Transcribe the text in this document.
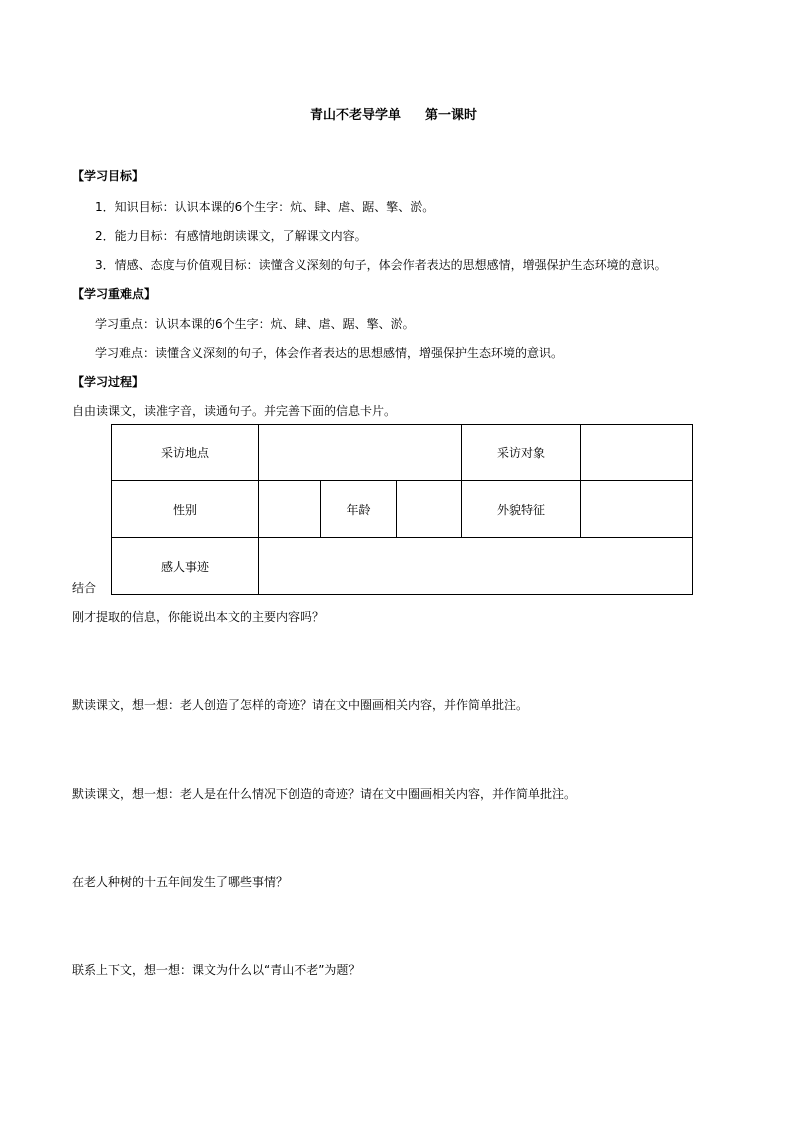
青山不老导学单 第一课时
【学习目标】
1．知识目标：认识本课的6个生字：炕、肆、虐、踞、擎、淤。
2．能力目标：有感情地朗读课文，了解课文内容。
3．情感、态度与价值观目标：读懂含义深刻的句子，体会作者表达的思想感情，增强保护生态环境的意识。
【学习重难点】
学习重点：认识本课的6个生字：炕、肆、虐、踞、擎、淤。
学习难点：读懂含义深刻的句子，体会作者表达的思想感情，增强保护生态环境的意识。
【学习过程】
自由读课文，读准字音，读通句子。并完善下面的信息卡片。
采访地点				采访对象	
性别		年龄		外貌特征	
感人事迹					
结合
刚才提取的信息，你能说出本文的主要内容吗？
默读课文，想一想：老人创造了怎样的奇迹？请在文中圈画相关内容，并作简单批注。
默读课文，想一想：老人是在什么情况下创造的奇迹？请在文中圈画相关内容，并作简单批注。
在老人种树的十五年间发生了哪些事情？
联系上下文，想一想：课文为什么以“青山不老”为题？
